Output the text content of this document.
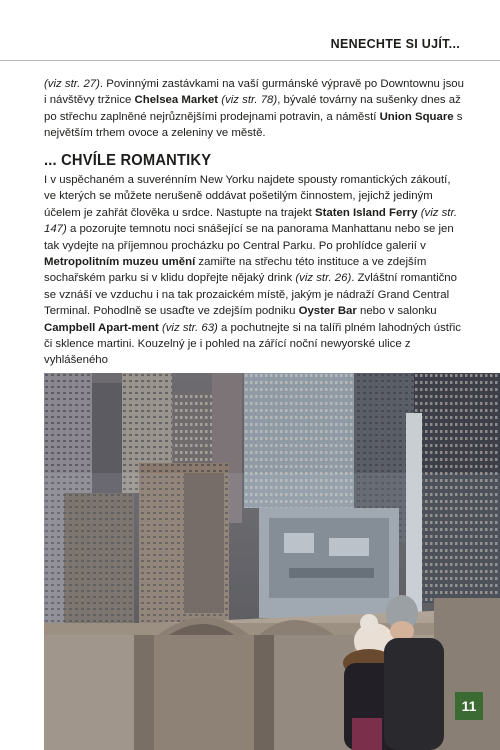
NENECHTE SI UJÍT...

(viz str. 27). Povinnými zastávkami na vaší gurmánské výpravě po Downtownu jsou i návštěvy tržnice Chelsea Market (viz str. 78), bývalé továrny na sušenky dnes až po střechu zaplněné nejrůznějšími prodejnami potravin, a náměstí Union Square s největším trhem ovoce a zeleniny ve městě.

... CHVÍLE ROMANTIKY

I v uspěchaném a suverénním New Yorku najdete spousty romantických zákoutí, ve kterých se můžete nerušeně oddávat pošetilým činnostem, jejichž jediným účelem je zahřát člověka u srdce. Nastupte na trajekt Staten Island Ferry (viz str. 147) a pozorujte temnotu noci snášející se na panorama Manhattanu nebo se jen tak vydejte na příjemnou procházku po Central Parku. Po prohlídce galerií v Metropolitním muzeu umění zamiřte na střechu této instituce a ve zdejším sochařském parku si v klidu dopřejte nějaký drink (viz str. 26). Zvláštní romantično se vznáší ve vzduchu i na tak prozaickém místě, jakým je nádraží Grand Central Terminal. Pohodlně se usaďte ve zdejším podniku Oyster Bar nebo v salonku Campbell Apart-ment (viz str. 63) a pochutnejte si na talíři plném lahodných ústřic či sklence martini. Kouzelný je i pohled na zářící noční newyorské ulice z vyhlášeného

11
